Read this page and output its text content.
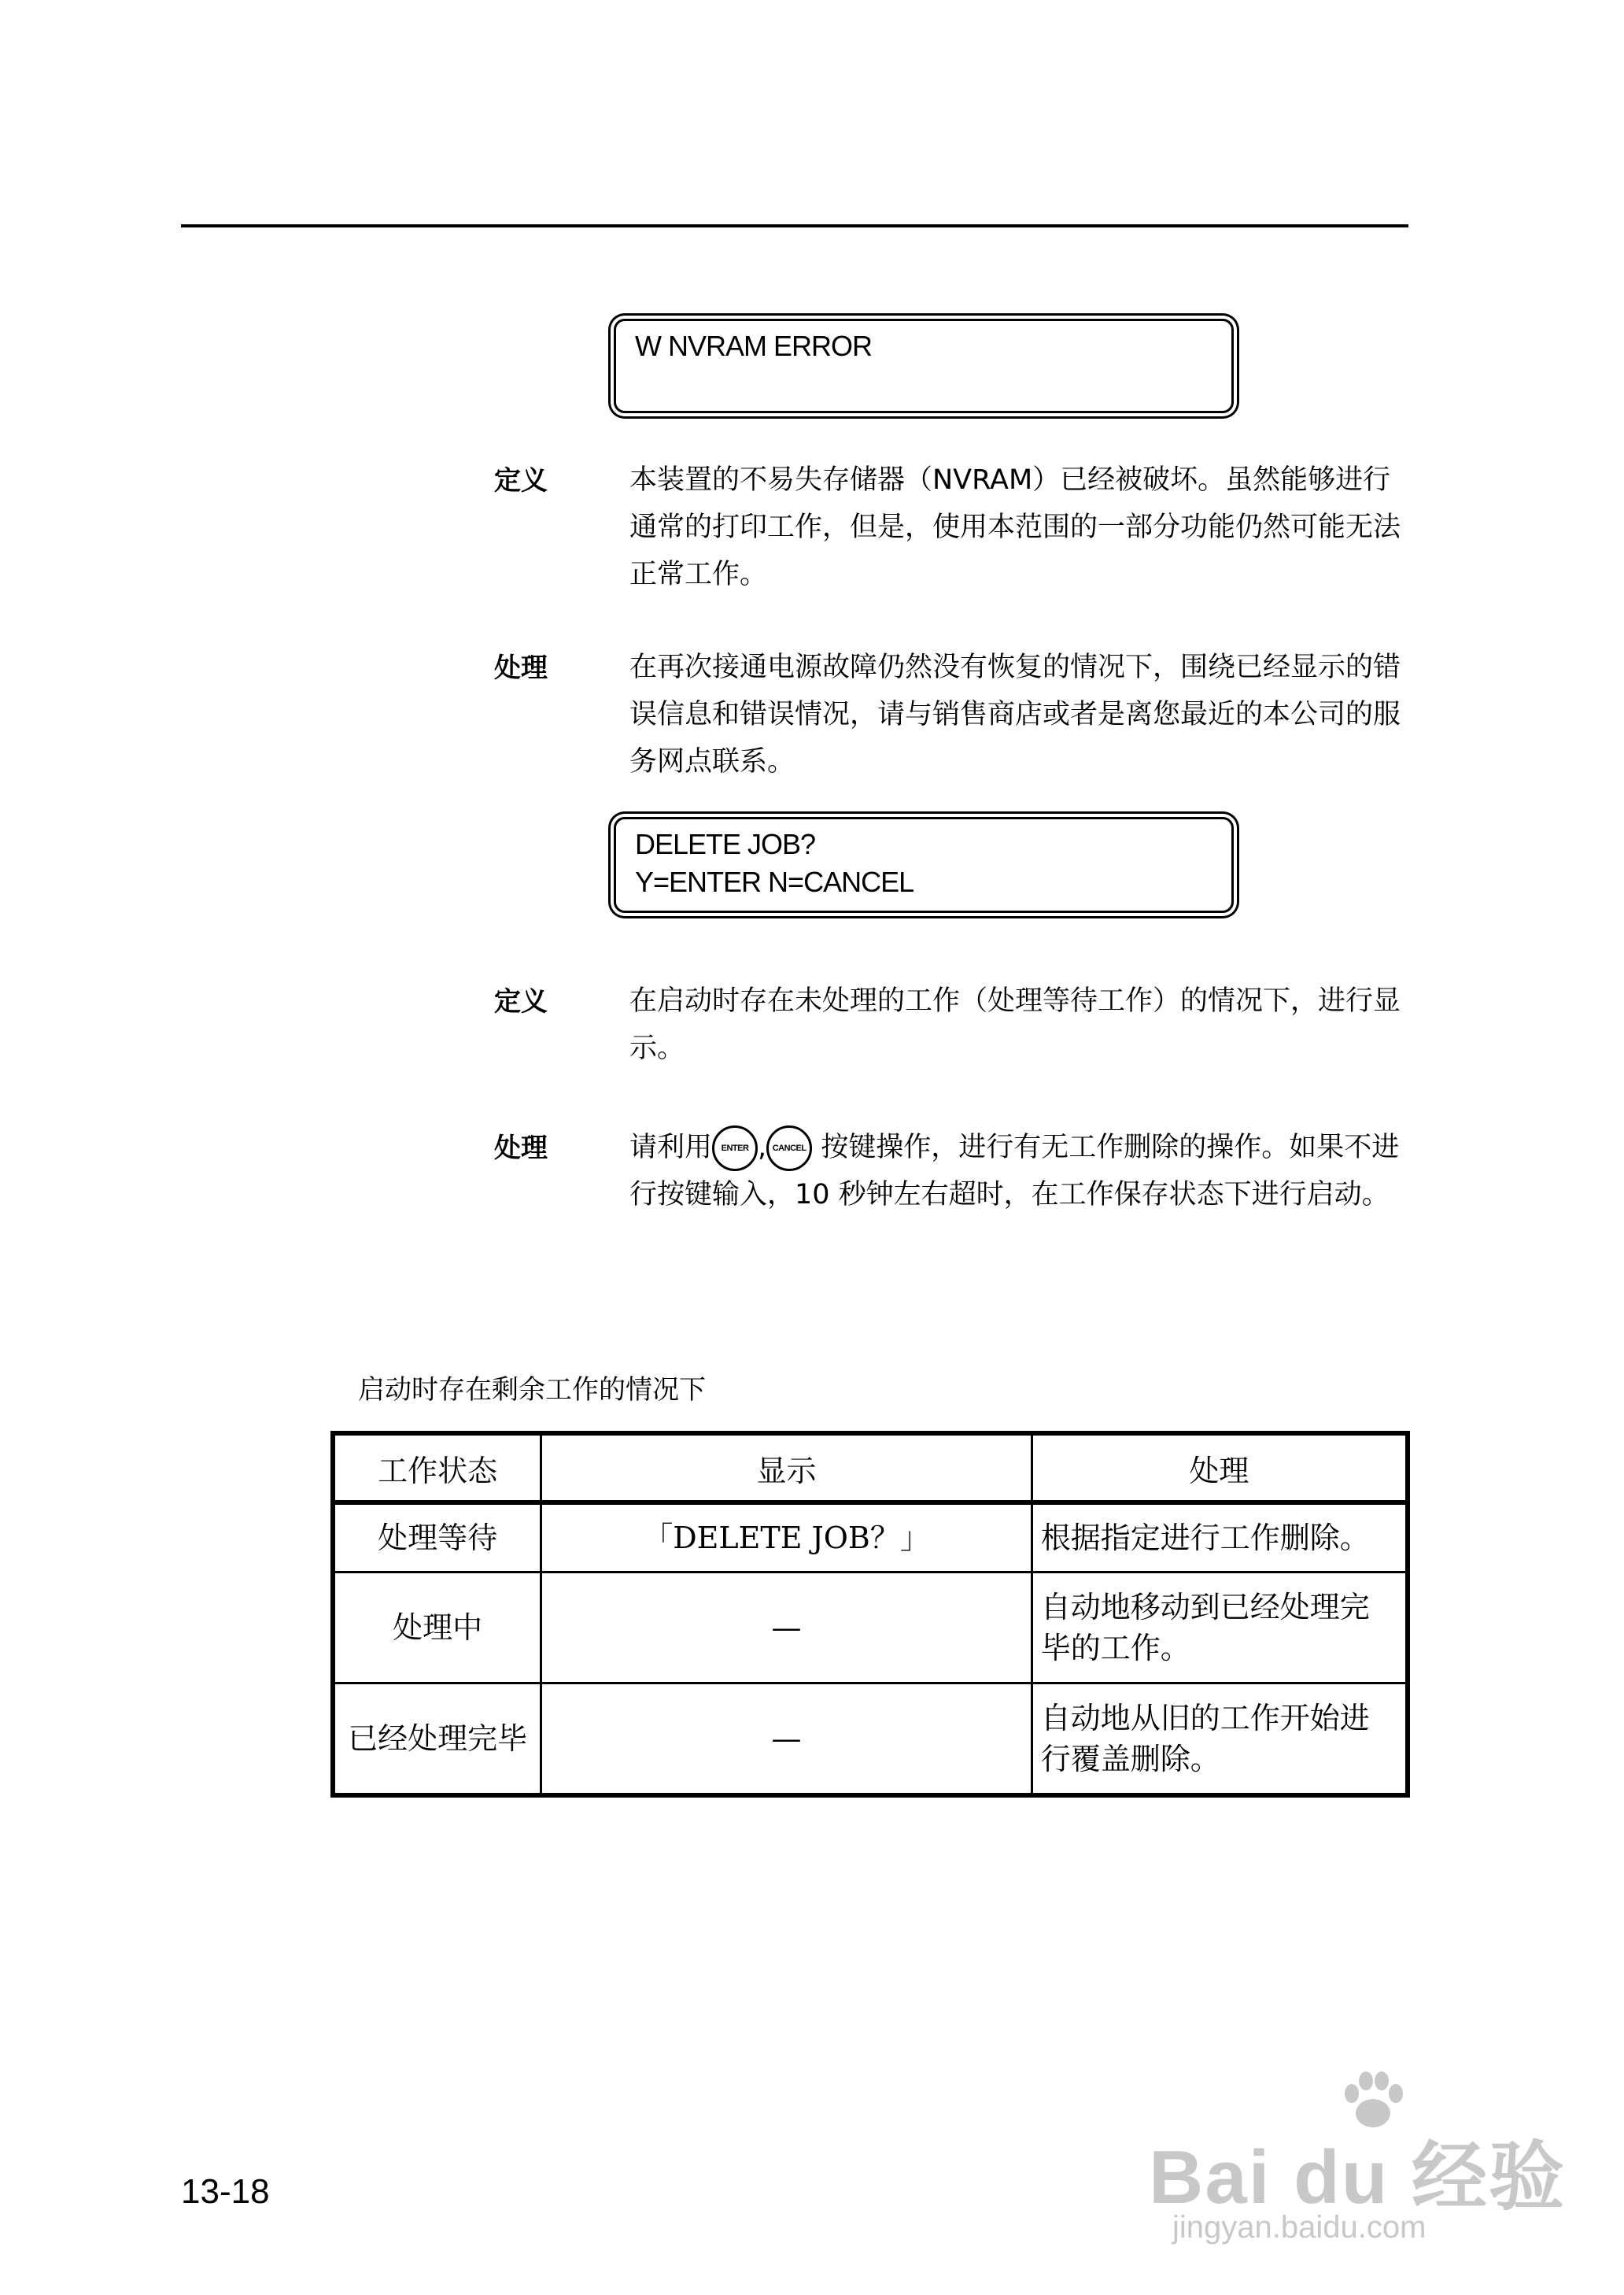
W NVRAM ERROR
定义	本装置的不易失存储器（NVRAM）已经被破坏。虽然能够进行通常的打印工作，但是，使用本范围的一部分功能仍然可能无法正常工作。
处理	在再次接通电源故障仍然没有恢复的情况下，围绕已经显示的错误信息和错误情况，请与销售商店或者是离您最近的本公司的服务网点联系。
DELETE JOB?
Y=ENTER N=CANCEL
定义	在启动时存在未处理的工作（处理等待工作）的情况下，进行显示。
处理	请利用 ENTER , CANCEL 按键操作，进行有无工作删除的操作。如果不进行按键输入，10 秒钟左右超时，在工作保存状态下进行启动。
启动时存在剩余工作的情况下
工作状态	显示	处理
处理等待	「DELETE JOB？」	根据指定进行工作删除。
处理中	—	自动地移动到已经处理完毕的工作。
已经处理完毕	—	自动地从旧的工作开始进行覆盖删除。
13-18	Bai du 经验
jingyan.baidu.com
